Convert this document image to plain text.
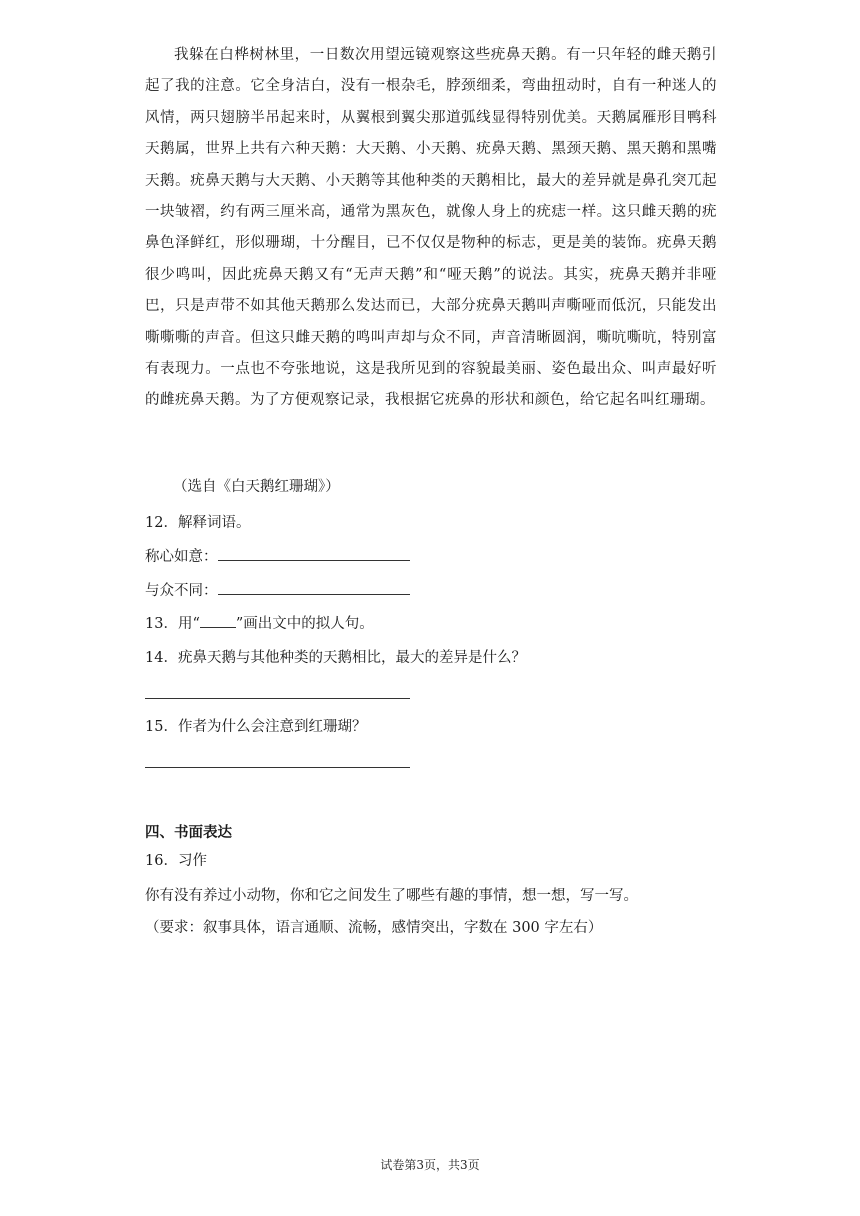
我躲在白桦树林里，一日数次用望远镜观察这些疣鼻天鹅。有一只年轻的雌天鹅引起了我的注意。它全身洁白，没有一根杂毛，脖颈细柔，弯曲扭动时，自有一种迷人的风情，两只翅膀半吊起来时，从翼根到翼尖那道弧线显得特别优美。天鹅属雁形目鸭科天鹅属，世界上共有六种天鹅：大天鹅、小天鹅、疣鼻天鹅、黑颈天鹅、黑天鹅和黑嘴天鹅。疣鼻天鹅与大天鹅、小天鹅等其他种类的天鹅相比，最大的差异就是鼻孔突兀起一块皱褶，约有两三厘米高，通常为黑灰色，就像人身上的疣痣一样。这只雌天鹅的疣鼻色泽鲜红，形似珊瑚，十分醒目，已不仅仅是物种的标志，更是美的装饰。疣鼻天鹅很少鸣叫，因此疣鼻天鹅又有“无声天鹅”和“哑天鹅”的说法。其实，疣鼻天鹅并非哑巴，只是声带不如其他天鹅那么发达而已，大部分疣鼻天鹅叫声嘶哑而低沉，只能发出嘶嘶嘶的声音。但这只雌天鹅的鸣叫声却与众不同，声音清晰圆润，嘶吭嘶吭，特别富有表现力。一点也不夸张地说，这是我所见到的容貌最美丽、姿色最出众、叫声最好听的雌疣鼻天鹅。为了方便观察记录，我根据它疣鼻的形状和颜色，给它起名叫红珊瑚。

（选自《白天鹅红珊瑚》）
12．解释词语。
称心如意：
与众不同：
13．用“ ”画出文中的拟人句。
14．疣鼻天鹅与其他种类的天鹅相比，最大的差异是什么？
15．作者为什么会注意到红珊瑚？
四、书面表达
16．习作
你有没有养过小动物，你和它之间发生了哪些有趣的事情，想一想，写一写。
（要求：叙事具体，语言通顺、流畅，感情突出，字数在 300 字左右）
试卷第3页，共3页
